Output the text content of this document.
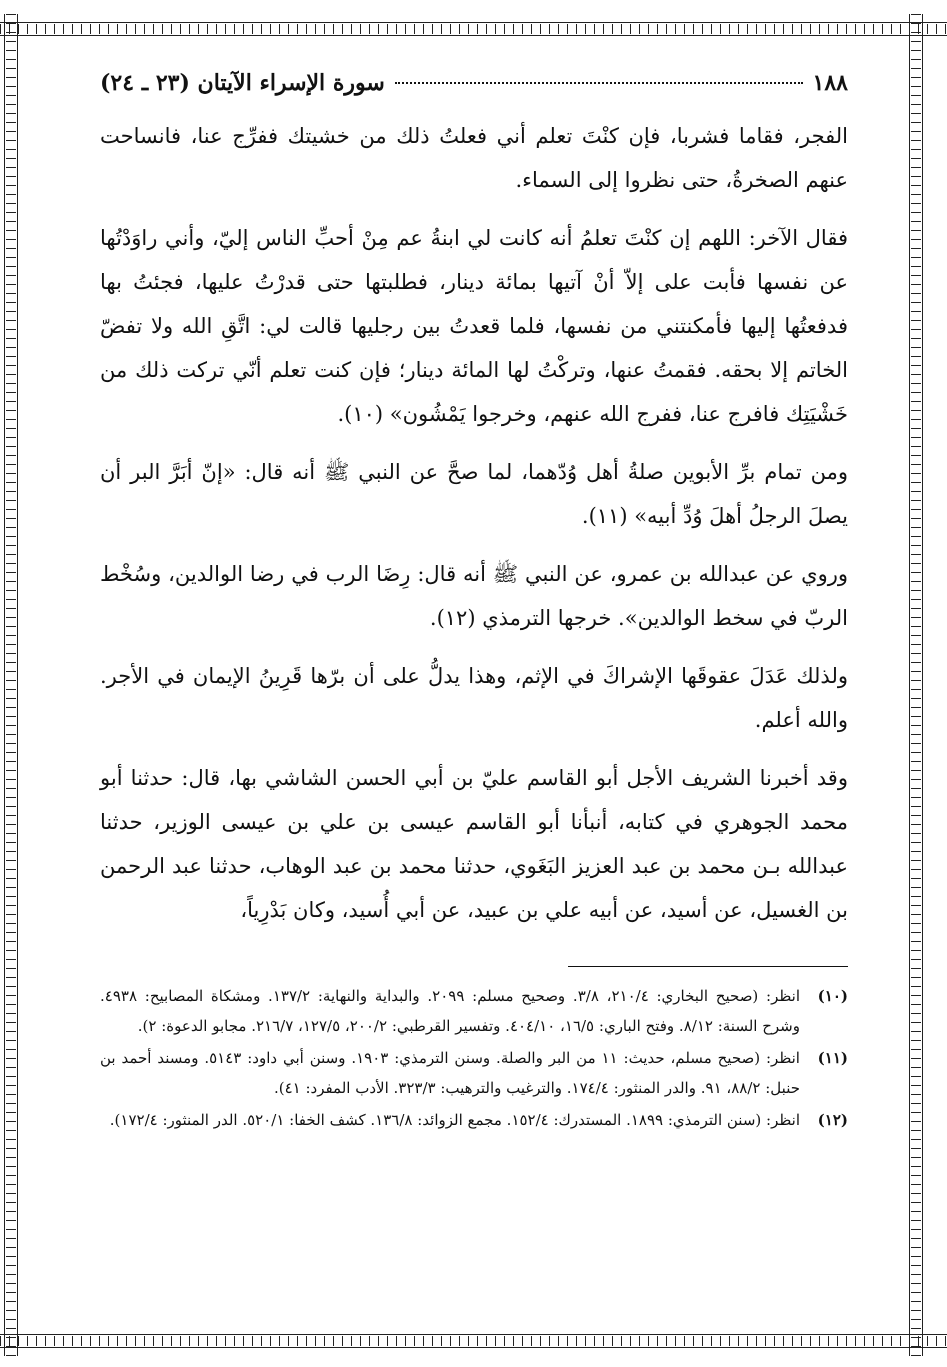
١٨٨
سورة الإسراء الآيتان (٢٣ ـ ٢٤)

الفجر، فقاما فشربا، فإن كنْتَ تعلم أني فعلتُ ذلك من خشيتك ففرِّج عنا، فانساحت عنهم الصخرةُ، حتى نظروا إلى السماء.

فقال الآخر: اللهم إن كنْتَ تعلمُ أنه كانت لي ابنةُ عم مِنْ أحبِّ الناس إليّ، وأني راوَدْتُها عن نفسها فأبت على إلاّ أنْ آتيها بمائة دينار، فطلبتها حتى قدرْتُ عليها، فجئتُ بها فدفعتُها إليها فأمكنتني من نفسها، فلما قعدتُ بين رجليها قالت لي: اتَّقِ الله ولا تفضّ الخاتم إلا بحقه. فقمتُ عنها، وتركْتُ لها المائة دينار؛ فإن كنت تعلم أنّي تركت ذلك من خَشْيَتِك فافرج عنا، ففرج الله عنهم، وخرجوا يَمْشُون» (١٠).

ومن تمام برِّ الأبوين صلةُ أهل وُدّهما، لما صحَّ عن النبي ﷺ أنه قال: «إنّ أبَرَّ البر أن يصلَ الرجلُ أهلَ وُدِّ أبيه» (١١).

وروي عن عبدالله بن عمرو، عن النبي ﷺ أنه قال: رِضَا الرب في رضا الوالدين، وسُخْط الربّ في سخط الوالدين». خرجها الترمذي (١٢).

ولذلك عَدَلَ عقوقَها الإشراكَ في الإثم، وهذا يدلُّ على أن برّها قَرِينُ الإيمان في الأجر. والله أعلم.

وقد أخبرنا الشريف الأجل أبو القاسم عليّ بن أبي الحسن الشاشي بها، قال: حدثنا أبو محمد الجوهري في كتابه، أنبأنا أبو القاسم عيسى بن علي بن عيسى الوزير، حدثنا عبدالله بـن محمد بن عبد العزيز البَغَوي، حدثنا محمد بن عبد الوهاب، حدثنا عبد الرحمن بن الغسيل، عن أسيد، عن أبيه علي بن عبيد، عن أبي أُسيد، وكان بَدْرِياً،

(١٠)
انظر: (صحيح البخاري: ٢١٠/٤، ٣/٨. وصحيح مسلم: ٢٠٩٩. والبداية والنهاية: ١٣٧/٢. ومشكاة المصابيح: ٤٩٣٨. وشرح السنة: ٨/١٢. وفتح الباري: ١٦/٥، ٤٠٤/١٠. وتفسير القرطبي: ٢٠٠/٢، ١٢٧/٥، ٢١٦/٧. مجابو الدعوة: ٢).
(١١)
انظر: (صحيح مسلم، حديث: ١١ من البر والصلة. وسنن الترمذي: ١٩٠٣. وسنن أبي داود: ٥١٤٣. ومسند أحمد بن حنبل: ٨٨/٢، ٩١. والدر المنثور: ١٧٤/٤. والترغيب والترهيب: ٣٢٣/٣. الأدب المفرد: ٤١).
(١٢)
انظر: (سنن الترمذي: ١٨٩٩. المستدرك: ١٥٢/٤. مجمع الزوائد: ١٣٦/٨. كشف الخفا: ٥٢٠/١. الدر المنثور: ١٧٢/٤).
